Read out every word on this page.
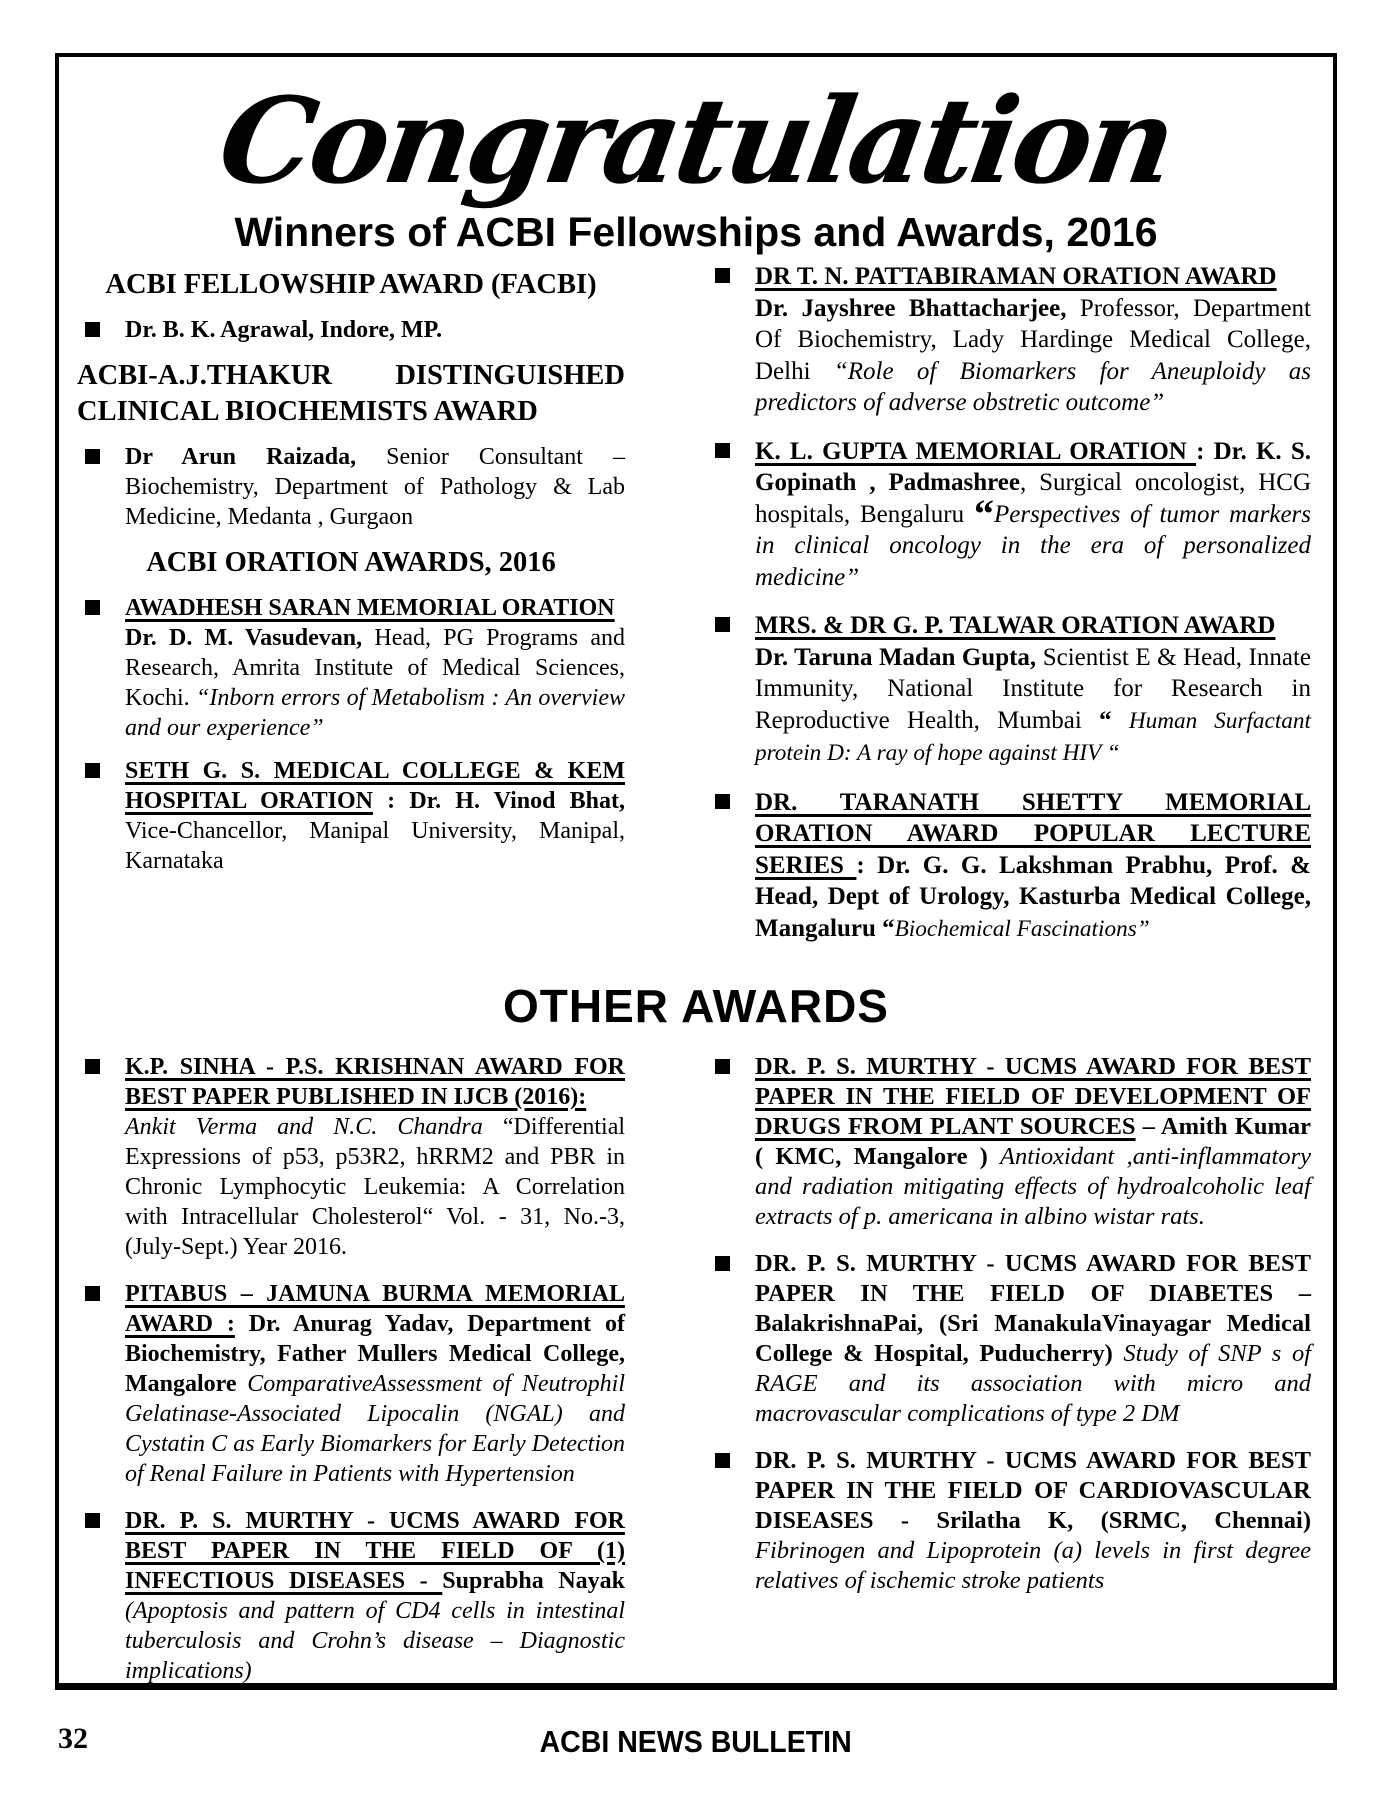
Congratulation
Winners of ACBI Fellowships and Awards, 2016
ACBI FELLOWSHIP AWARD (FACBI)
Dr. B. K. Agrawal, Indore, MP.
ACBI-A.J.THAKUR DISTINGUISHED CLINICAL BIOCHEMISTS AWARD
Dr Arun Raizada, Senior Consultant – Biochemistry, Department of Pathology & Lab Medicine, Medanta , Gurgaon
ACBI ORATION AWARDS, 2016
AWADHESH SARAN MEMORIAL ORATION
Dr. D. M. Vasudevan, Head, PG Programs and Research, Amrita Institute of Medical Sciences, Kochi. “Inborn errors of Metabolism : An overview and our experience”
SETH G. S. MEDICAL COLLEGE & KEM HOSPITAL ORATION : Dr. H. Vinod Bhat, Vice-Chancellor, Manipal University, Manipal, Karnataka
DR T. N. PATTABIRAMAN ORATION AWARD
Dr. Jayshree Bhattacharjee, Professor, Department Of Biochemistry, Lady Hardinge Medical College, Delhi “Role of Biomarkers for Aneuploidy as predictors of adverse obstretic outcome”
K. L. GUPTA MEMORIAL ORATION : Dr. K. S. Gopinath , Padmashree, Surgical oncologist, HCG hospitals, Bengaluru “Perspectives of tumor markers in clinical oncology in the era of personalized medicine”
MRS. & DR G. P. TALWAR ORATION AWARD
Dr. Taruna Madan Gupta, Scientist E & Head, Innate Immunity, National Institute for Research in Reproductive Health, Mumbai “ Human Surfactant protein D: A ray of hope against HIV “
DR. TARANATH SHETTY MEMORIAL ORATION AWARD POPULAR LECTURE SERIES : Dr. G. G. Lakshman Prabhu, Prof. & Head, Dept of Urology, Kasturba Medical College, Mangaluru “Biochemical Fascinations”
OTHER AWARDS
K.P. SINHA - P.S. KRISHNAN AWARD FOR BEST PAPER PUBLISHED IN IJCB (2016):
Ankit Verma and N.C. Chandra “Differential Expressions of p53, p53R2, hRRM2 and PBR in Chronic Lymphocytic Leukemia: A Correlation with Intracellular Cholesterol“ Vol. - 31, No.-3, (July-Sept.) Year 2016.
PITABUS – JAMUNA BURMA MEMORIAL AWARD : Dr. Anurag Yadav, Department of Biochemistry, Father Mullers Medical College, Mangalore ComparativeAssessment of Neutrophil Gelatinase-Associated Lipocalin (NGAL) and Cystatin C as Early Biomarkers for Early Detection of Renal Failure in Patients with Hypertension
DR. P. S. MURTHY - UCMS AWARD FOR BEST PAPER IN THE FIELD OF (1) INFECTIOUS DISEASES - Suprabha Nayak (Apoptosis and pattern of CD4 cells in intestinal tuberculosis and Crohn’s disease – Diagnostic implications)
DR. P. S. MURTHY - UCMS AWARD FOR BEST PAPER IN THE FIELD OF DEVELOPMENT OF DRUGS FROM PLANT SOURCES – Amith Kumar ( KMC, Mangalore ) Antioxidant ,anti-inflammatory and radiation mitigating effects of hydroalcoholic leaf extracts of p. americana in albino wistar rats.
DR. P. S. MURTHY - UCMS AWARD FOR BEST PAPER IN THE FIELD OF DIABETES – BalakrishnaPai, (Sri ManakulaVinayagar Medical College & Hospital, Puducherry) Study of SNP s of RAGE and its association with micro and macrovascular complications of type 2 DM
DR. P. S. MURTHY - UCMS AWARD FOR BEST PAPER IN THE FIELD OF CARDIOVASCULAR DISEASES - Srilatha K, (SRMC, Chennai) Fibrinogen and Lipoprotein (a) levels in first degree relatives of ischemic stroke patients
32	ACBI NEWS BULLETIN
